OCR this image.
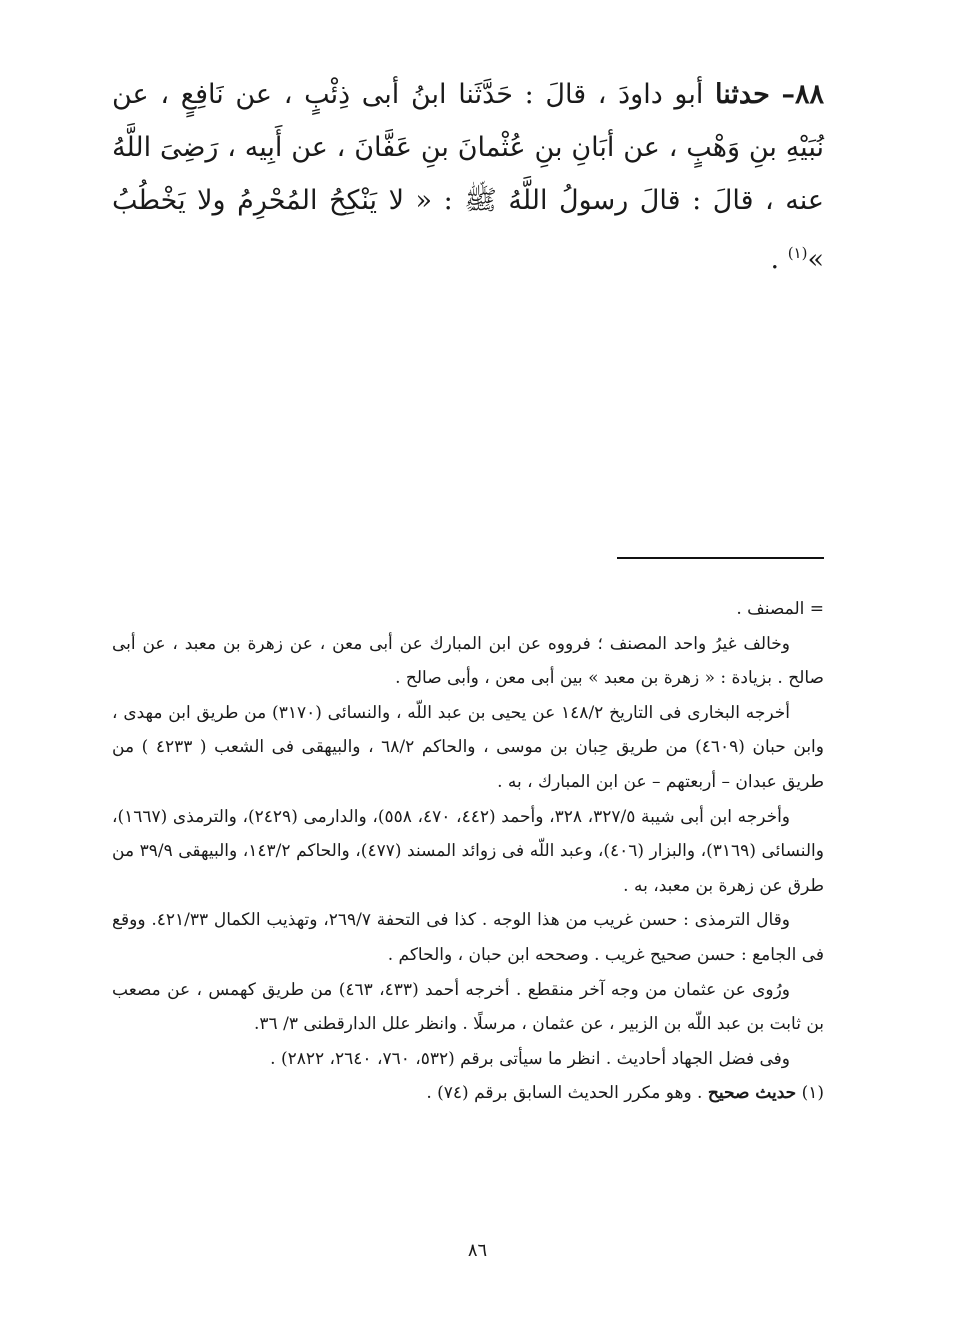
٨٨– حدثنا أبو داودَ ، قالَ : حَدَّثَنا ابنُ أبى ذِئْبٍ ، عن نَافِعٍ ، عن نُبَيْهِ بنِ وَهْبٍ ، عن أبَانِ بنِ عُثْمانَ بنِ عَفَّانَ ، عن أَبِيه ، رَضِىَ اللَّهُ عنه ، قالَ : قالَ رسولُ اللَّهُ ﷺ : « لا يَنْكِحُ المُحْرِمُ ولا يَخْطُبُ »$^{(١)}$ .

= المصنف .

وخالف غيرُ واحد المصنف ؛ فرووه عن ابن المبارك عن أبى معن ، عن زهرة بن معبد ، عن أبى صالح . بزيادة : « زهرة بن معبد » بين أبى معن ، وأبى صالح .

أخرجه البخارى فى التاريخ ١٤٨/٢ عن يحيى بن عبد اللّه ، والنسائى (٣١٧٠) من طريق ابن مهدى ، وابن حبان (٤٦٠٩) من طريق حِبان بن موسى ، والحاكم ٦٨/٢ ، والبيهقى فى الشعب ( ٤٢٣٣ ) من طريق عبدان – أربعتهم – عن ابن المبارك ، به .

وأخرجه ابن أبى شيبة ٣٢٧/٥، ٣٢٨، وأحمد (٤٤٢، ٤٧٠، ٥٥٨)، والدارمى (٢٤٢٩)، والترمذى (١٦٦٧)، والنسائى (٣١٦٩)، والبزار (٤٠٦)، وعبد اللّه فى زوائد المسند (٤٧٧)، والحاكم ١٤٣/٢، والبيهقى ٣٩/٩ من طرق عن زهرة بن معبد، به .

وقال الترمذى : حسن غريب من هذا الوجه . كذا فى التحفة ٢٦٩/٧، وتهذيب الكمال ٤٢١/٣٣. ووقع فى الجامع : حسن صحيح غريب . وصححه ابن حبان ، والحاكم .

ورُوى عن عثمان من وجه آخر منقطع . أخرجه أحمد (٤٣٣، ٤٦٣) من طريق كهمس ، عن مصعب بن ثابت بن عبد اللّه بن الزبير ، عن عثمان ، مرسلًا . وانظر علل الدارقطنى ٣/ ٣٦.

وفى فضل الجهاد أحاديث . انظر ما سيأتى برقم (٥٣٢، ٧٦٠، ٢٦٤٠، ٢٨٢٢) .

(١) حديث صحيح . وهو مكرر الحديث السابق برقم (٧٤) .

٨٦
